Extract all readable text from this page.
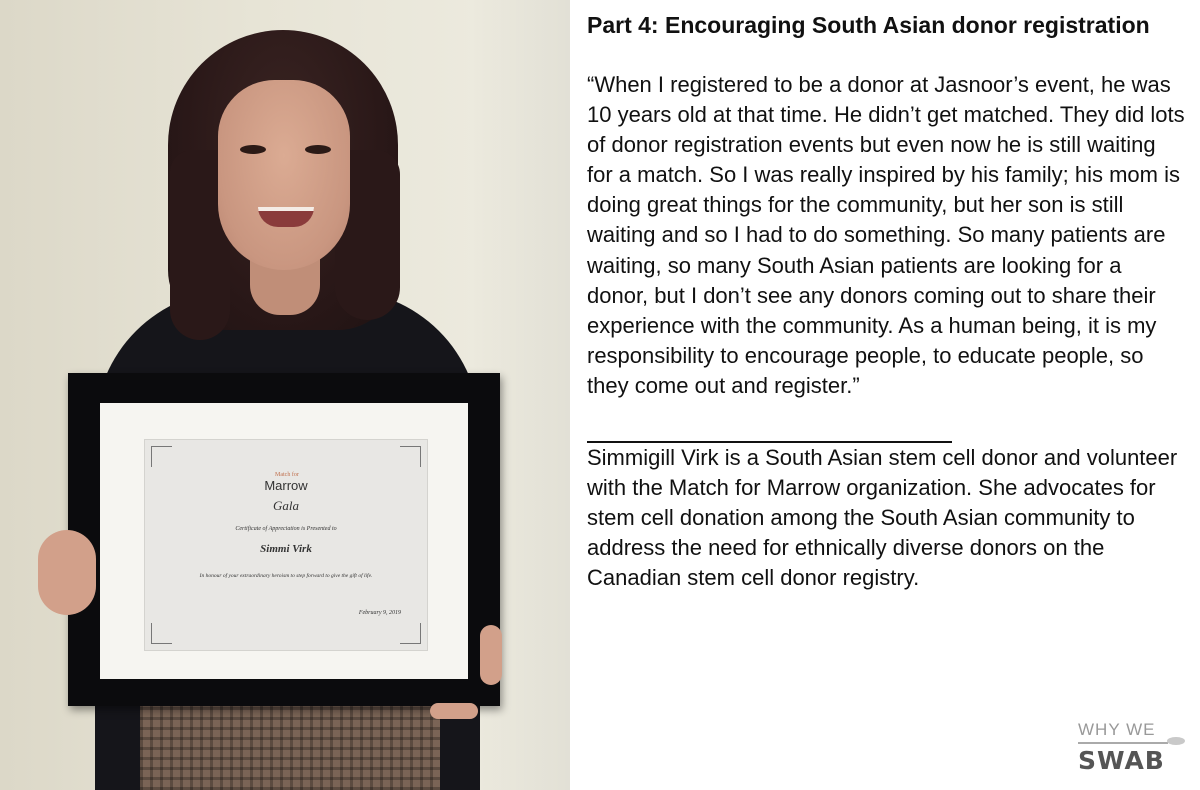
Match for
Marrow
Gala
Certificate of Appreciation is Presented to
Simmi Virk
In honour of your extraordinary heroism to step forward to give the gift of life.
February 9, 2019

Part 4: Encouraging South Asian donor registration

“When I registered to be a donor at Jasnoor’s event, he was 10 years old at that time. He didn’t get matched. They did lots of donor registration events but even now he is still waiting for a match. So I was really inspired by his family; his mom is doing great things for the community, but her son is still waiting and so I had to do something. So many patients are waiting, so many South Asian patients are looking for a donor, but I don’t see any donors coming out to share their experience with the community. As a human being, it is my responsibility to encourage people, to educate people, so they come out and register.”

Simmigill Virk is a South Asian stem cell donor and volunteer with the Match for Marrow organization. She advocates for stem cell donation among the South Asian community to address the need for ethnically diverse donors on the Canadian stem cell donor registry.

WHY WE
SWAB
